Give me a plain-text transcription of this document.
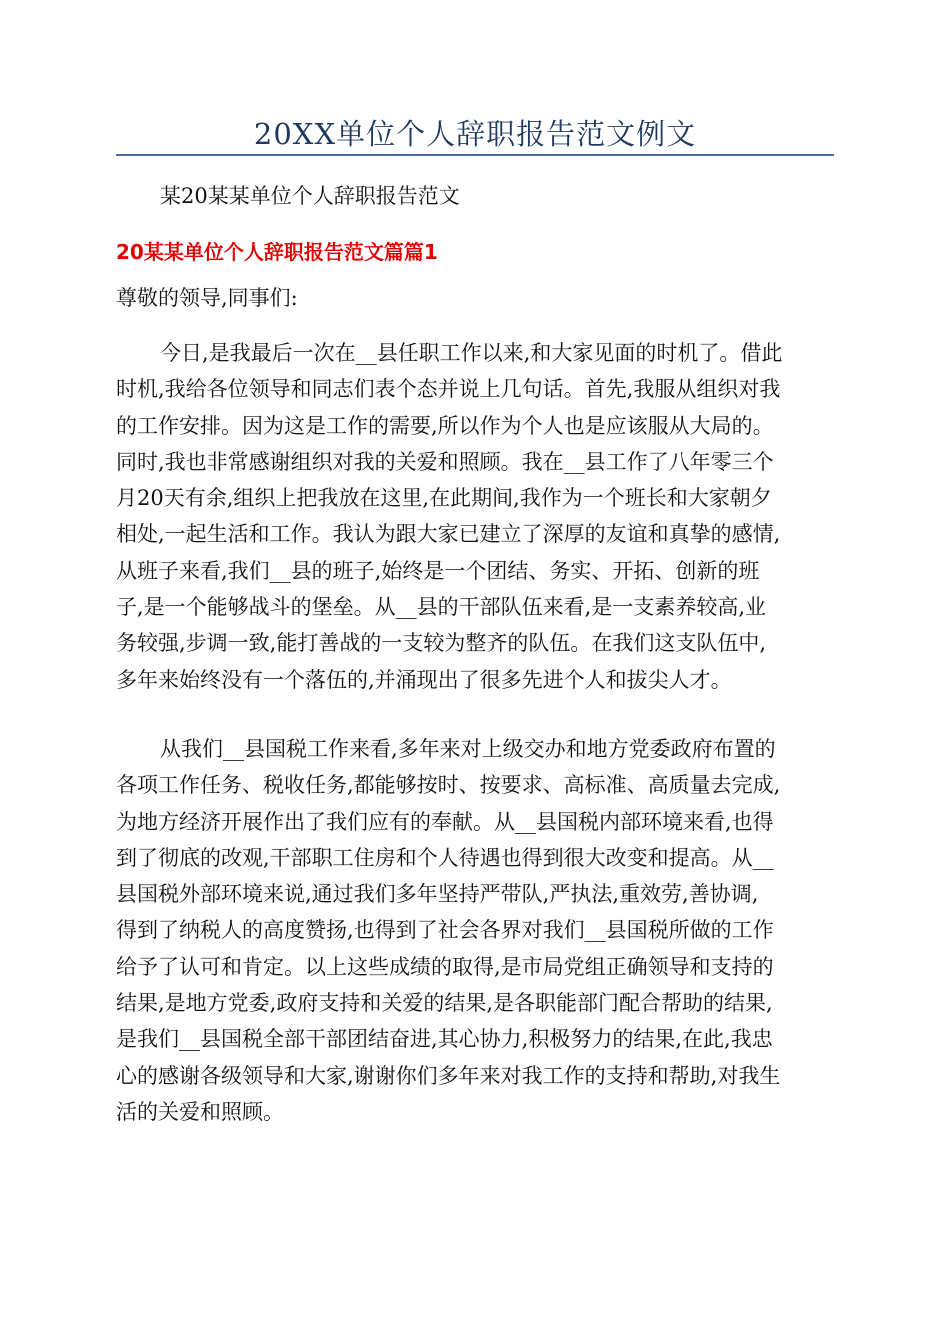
20XX单位个人辞职报告范文例文
某20某某单位个人辞职报告范文
20某某单位个人辞职报告范文篇篇1
尊敬的领导,同事们:
今日,是我最后一次在__县任职工作以来,和大家见面的时机了。借此
时机,我给各位领导和同志们表个态并说上几句话。首先,我服从组织对我
的工作安排。因为这是工作的需要,所以作为个人也是应该服从大局的。
同时,我也非常感谢组织对我的关爱和照顾。我在__县工作了八年零三个
月20天有余,组织上把我放在这里,在此期间,我作为一个班长和大家朝夕
相处,一起生活和工作。我认为跟大家已建立了深厚的友谊和真挚的感情,
从班子来看,我们__县的班子,始终是一个团结、务实、开拓、创新的班
子,是一个能够战斗的堡垒。从__县的干部队伍来看,是一支素养较高,业
务较强,步调一致,能打善战的一支较为整齐的队伍。在我们这支队伍中,
多年来始终没有一个落伍的,并涌现出了很多先进个人和拔尖人才。
从我们__县国税工作来看,多年来对上级交办和地方党委政府布置的
各项工作任务、税收任务,都能够按时、按要求、高标准、高质量去完成,
为地方经济开展作出了我们应有的奉献。从__县国税内部环境来看,也得
到了彻底的改观,干部职工住房和个人待遇也得到很大改变和提高。从__
县国税外部环境来说,通过我们多年坚持严带队,严执法,重效劳,善协调,
得到了纳税人的高度赞扬,也得到了社会各界对我们__县国税所做的工作
给予了认可和肯定。以上这些成绩的取得,是市局党组正确领导和支持的
结果,是地方党委,政府支持和关爱的结果,是各职能部门配合帮助的结果,
是我们__县国税全部干部团结奋进,其心协力,积极努力的结果,在此,我忠
心的感谢各级领导和大家,谢谢你们多年来对我工作的支持和帮助,对我生
活的关爱和照顾。
